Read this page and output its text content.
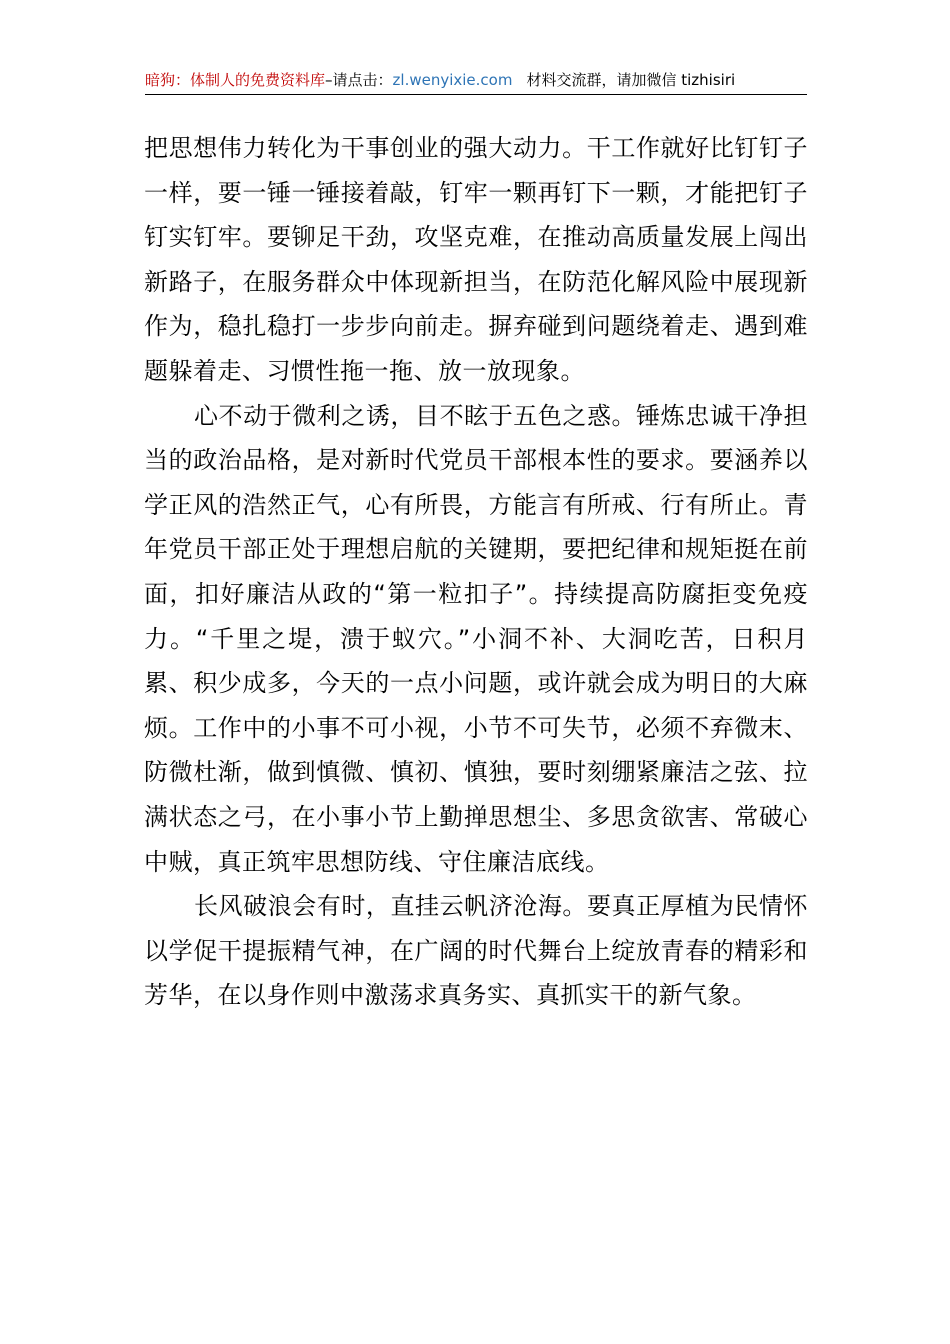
暗狗：体制人的免费资料库–请点击：zl.wenyixie.com 材料交流群，请加微信 tizhisiri

把思想伟力转化为干事创业的强大动力。干工作就好比钉钉子一样，要一锤一锤接着敲，钉牢一颗再钉下一颗，才能把钉子钉实钉牢。要铆足干劲，攻坚克难，在推动高质量发展上闯出新路子，在服务群众中体现新担当，在防范化解风险中展现新作为，稳扎稳打一步步向前走。摒弃碰到问题绕着走、遇到难题躲着走、习惯性拖一拖、放一放现象。

心不动于微利之诱，目不眩于五色之惑。锤炼忠诚干净担当的政治品格，是对新时代党员干部根本性的要求。要涵养以学正风的浩然正气，心有所畏，方能言有所戒、行有所止。青年党员干部正处于理想启航的关键期，要把纪律和规矩挺在前面，扣好廉洁从政的“第一粒扣子”。持续提高防腐拒变免疫力。“千里之堤，溃于蚁穴。”小洞不补、大洞吃苦，日积月累、积少成多，今天的一点小问题，或许就会成为明日的大麻烦。工作中的小事不可小视，小节不可失节，必须不弃微末、防微杜渐，做到慎微、慎初、慎独，要时刻绷紧廉洁之弦、拉满状态之弓，在小事小节上勤掸思想尘、多思贪欲害、常破心中贼，真正筑牢思想防线、守住廉洁底线。

长风破浪会有时，直挂云帆济沧海。要真正厚植为民情怀以学促干提振精气神，在广阔的时代舞台上绽放青春的精彩和芳华，在以身作则中激荡求真务实、真抓实干的新气象。
